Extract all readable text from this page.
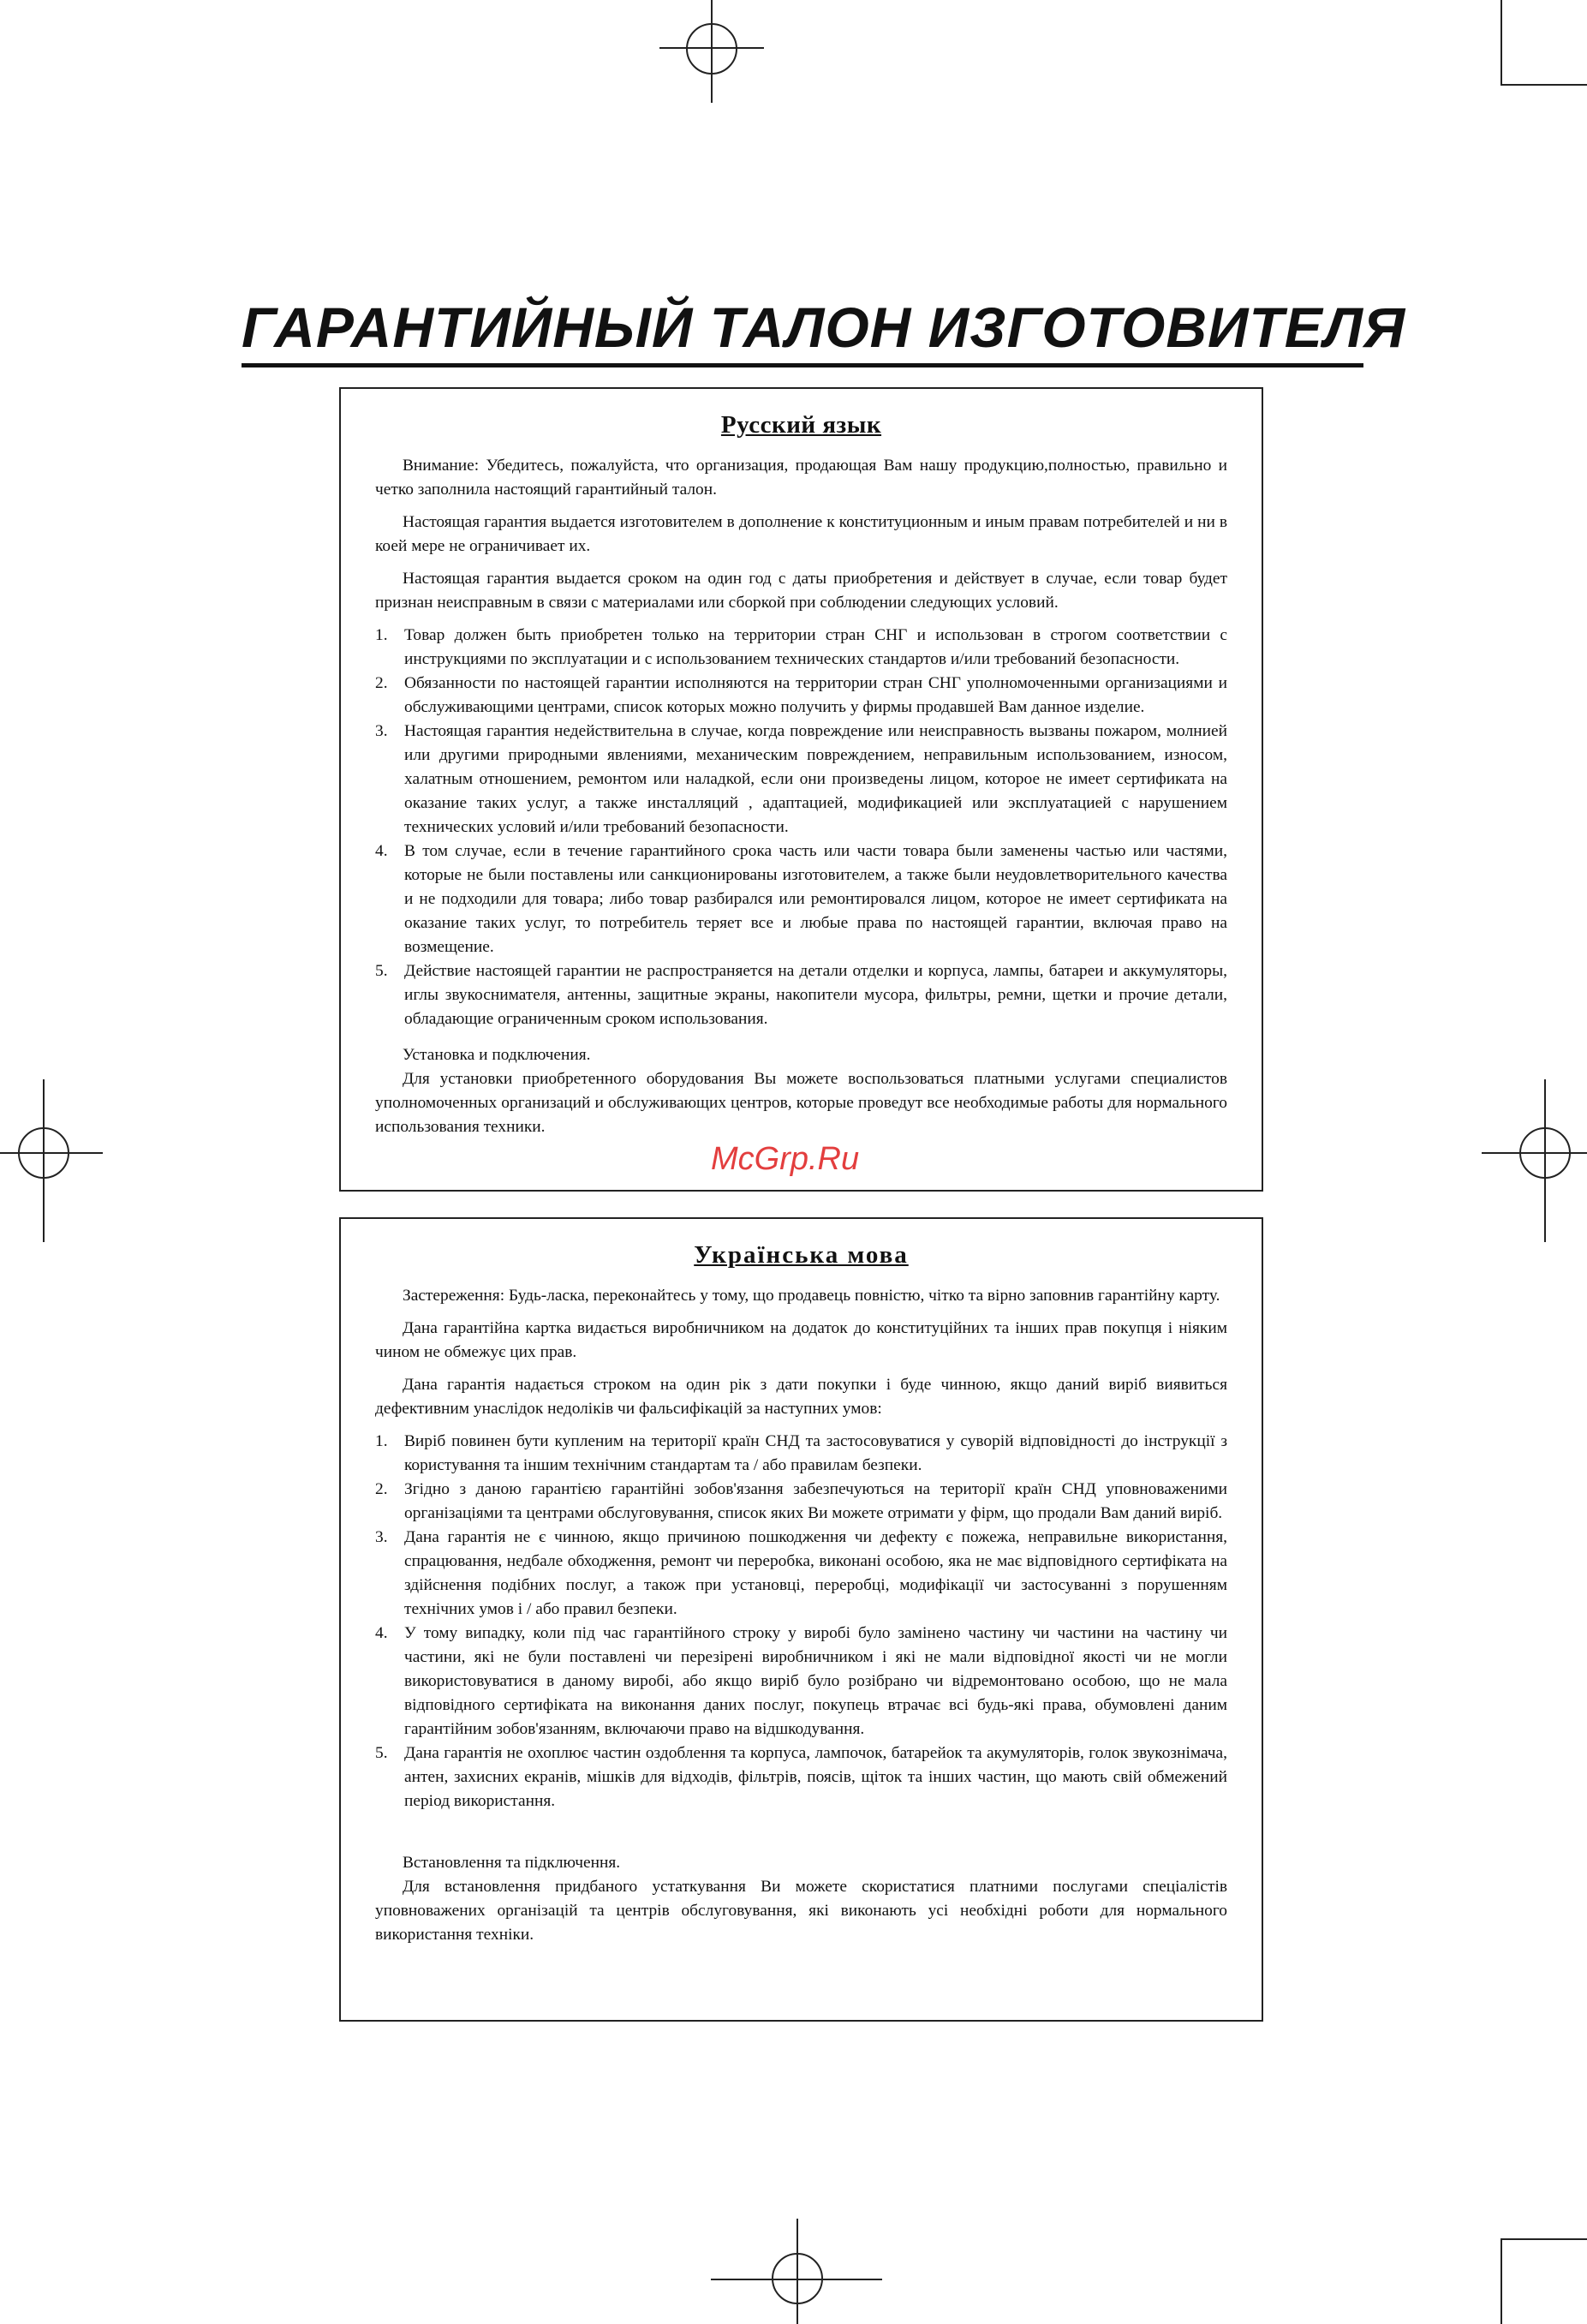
ГАРАНТИЙНЫЙ ТАЛОН ИЗГОТОВИТЕЛЯ
Русский язык

Внимание: Убедитесь, пожалуйста, что организация, продающая Вам нашу продукцию,полностью, правильно и четко заполнила настоящий гарантийный талон.

Настоящая гарантия выдается изготовителем в дополнение к конституционным и иным правам потребителей и ни в коей мере не ограничивает их.

Настоящая гарантия выдается сроком на один год с даты приобретения и действует в случае, если товар будет признан неисправным в связи с материалами или сборкой при соблюдении следующих условий.

1. Товар должен быть приобретен только на территории стран СНГ и использован в строгом соответствии с инструкциями по эксплуатации и с использованием технических стандартов и/или требований безопасности.
2. Обязанности по настоящей гарантии исполняются на территории стран СНГ уполномоченными организациями и обслуживающими центрами, список которых можно получить у фирмы продавшей Вам данное изделие.
3. Настоящая гарантия недействительна в случае, когда повреждение или неисправность вызваны пожаром, молнией или другими природными явлениями, механическим повреждением, неправильным использованием, износом, халатным отношением, ремонтом или наладкой, если они произведены лицом, которое не имеет сертификата на оказание таких услуг, а также инсталляций , адаптацией, модификацией или эксплуатацией с нарушением технических условий и/или требований безопасности.
4. В том случае, если в течение гарантийного срока часть или части товара были заменены частью или частями, которые не были поставлены или санкционированы изготовителем, а также были неудовлетворительного качества и не подходили для товара; либо товар разбирался или ремонтировался лицом, которое не имеет сертификата на оказание таких услуг, то потребитель теряет все и любые права по настоящей гарантии, включая право на возмещение.
5. Действие настоящей гарантии не распространяется на детали отделки и корпуса, лампы, батареи и аккумуляторы, иглы звукоснимателя, антенны, защитные экраны, накопители мусора, фильтры, ремни, щетки и прочие детали, обладающие ограниченным сроком использования.

Установка и подключения.

Для установки приобретенного оборудования Вы можете воспользоваться платными услугами специалистов уполномоченных организаций и обслуживающих центров, которые проведут все необходимые работы для нормального использования техники.

McGrp.Ru
Українська мова

Застереження: Будь-ласка, переконайтесь у тому, що продавець повністю, чітко та вірно заповнив гарантійну карту.

Дана гарантійна картка видається виробничником на додаток до конституційних та інших прав покупця і ніяким чином не обмежує цих прав.

Дана гарантія надається строком на один рік з дати покупки і буде чинною, якщо даний виріб виявиться дефективним унаслідок недоліків чи фальсифікацій за наступних умов:

1. Виріб повинен бути купленим на території країн СНД та застосовуватися у суворій відповідності до інструкції з користування та іншим технічним стандартам та / або правилам безпеки.
2. Згідно з даною гарантією гарантійні зобов'язання забезпечуються на території країн СНД уповноваженими організаціями та центрами обслуговування, список яких Ви можете отримати у фірм, що продали Вам даний виріб.
3. Дана гарантія не є чинною, якщо причиною пошкодження чи дефекту є пожежа, неправильне використання, спрацювання, недбале обходження, ремонт чи переробка, виконані особою, яка не має відповідного сертифіката на здійснення подібних послуг, а також при установці, переробці, модифікації чи застосуванні з порушенням технічних умов і / або правил безпеки.
4. У тому випадку, коли під час гарантійного строку у виробі було замінено частину чи частини на частину чи частини, які не були поставлені чи перезірені виробничником і які не мали відповідної якості чи не могли використовуватися в даному виробі, або якщо виріб було розібрано чи відремонтовано особою, що не мала відповідного сертифіката на виконання даних послуг, покупець втрачає всі будь-які права, обумовлені даним гарантійним зобов'язанням, включаючи право на відшкодування.
5. Дана гарантія не охоплює частин оздоблення та корпуса, лампочок, батарейок та акумуляторів, голок звукознімача, антен, захисних екранів, мішків для відходів, фільтрів, поясів, щіток та інших частин, що мають свій обмежений період використання.

Встановлення та підключення.

Для встановлення придбаного устаткування Ви можете скористатися платними послугами спеціалістів уповноважених організацій та центрів обслуговування, які виконають усі необхідні роботи для нормального використання техніки.
